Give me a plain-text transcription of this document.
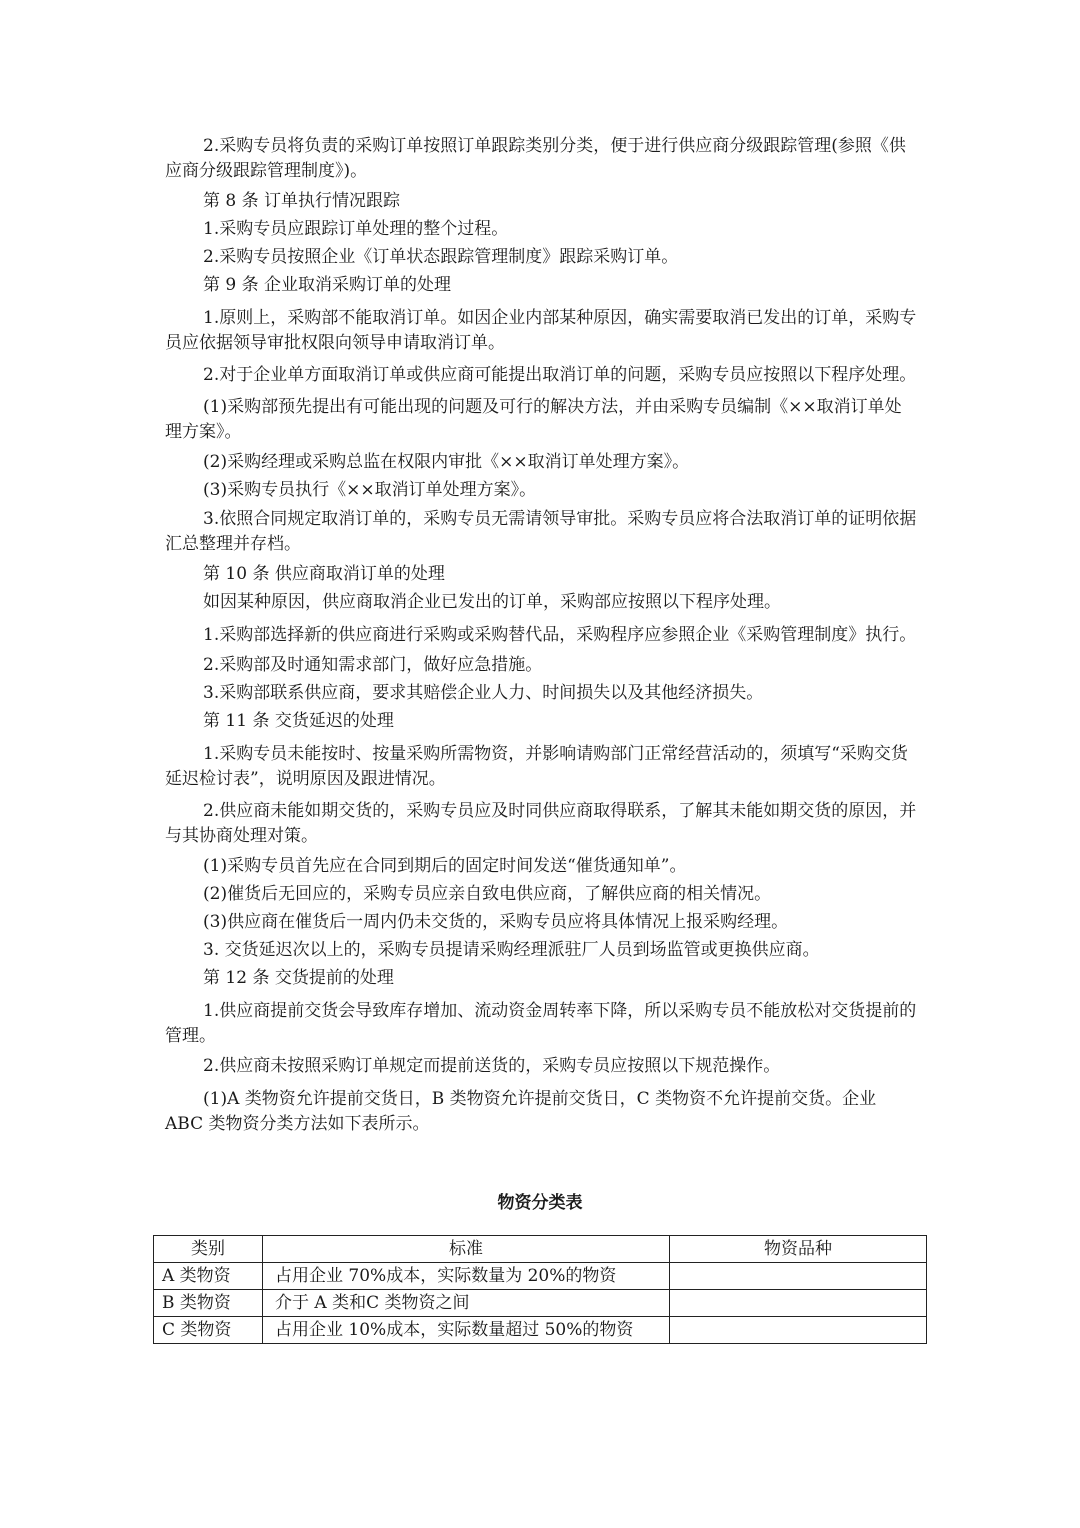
2.采购专员将负责的采购订单按照订单跟踪类别分类，便于进行供应商分级跟踪管理(参照《供应商分级跟踪管理制度》)。

第 8 条 订单执行情况跟踪

1.采购专员应跟踪订单处理的整个过程。

2.采购专员按照企业《订单状态跟踪管理制度》跟踪采购订单。

第 9 条 企业取消采购订单的处理

1.原则上，采购部不能取消订单。如因企业内部某种原因，确实需要取消已发出的订单，采购专员应依据领导审批权限向领导申请取消订单。

2.对于企业单方面取消订单或供应商可能提出取消订单的问题，采购专员应按照以下程序处理。

(1)采购部预先提出有可能出现的问题及可行的解决方法，并由采购专员编制《××取消订单处理方案》。

(2)采购经理或采购总监在权限内审批《××取消订单处理方案》。

(3)采购专员执行《××取消订单处理方案》。

3.依照合同规定取消订单的，采购专员无需请领导审批。采购专员应将合法取消订单的证明依据汇总整理并存档。

第 10 条 供应商取消订单的处理

如因某种原因，供应商取消企业已发出的订单，采购部应按照以下程序处理。

1.采购部选择新的供应商进行采购或采购替代品，采购程序应参照企业《采购管理制度》执行。

2.采购部及时通知需求部门，做好应急措施。

3.采购部联系供应商，要求其赔偿企业人力、时间损失以及其他经济损失。

第 11 条 交货延迟的处理

1.采购专员未能按时、按量采购所需物资，并影响请购部门正常经营活动的，须填写“采购交货延迟检讨表”，说明原因及跟进情况。

2.供应商未能如期交货的，采购专员应及时同供应商取得联系，了解其未能如期交货的原因，并与其协商处理对策。

(1)采购专员首先应在合同到期后的固定时间发送“催货通知单”。

(2)催货后无回应的，采购专员应亲自致电供应商，了解供应商的相关情况。

(3)供应商在催货后一周内仍未交货的，采购专员应将具体情况上报采购经理。

3. 交货延迟次以上的，采购专员提请采购经理派驻厂人员到场监管或更换供应商。

第 12 条 交货提前的处理

1.供应商提前交货会导致库存增加、流动资金周转率下降，所以采购专员不能放松对交货提前的管理。

2.供应商未按照采购订单规定而提前送货的，采购专员应按照以下规范操作。

(1)A 类物资允许提前交货日，B 类物资允许提前交货日，C 类物资不允许提前交货。企业 ABC 类物资分类方法如下表所示。

物资分类表
类别	标准	物资品种
A 类物资	占用企业 70%成本，实际数量为 20%的物资	
B 类物资	介于 A 类和C 类物资之间	
C 类物资	占用企业 10%成本，实际数量超过 50%的物资	
